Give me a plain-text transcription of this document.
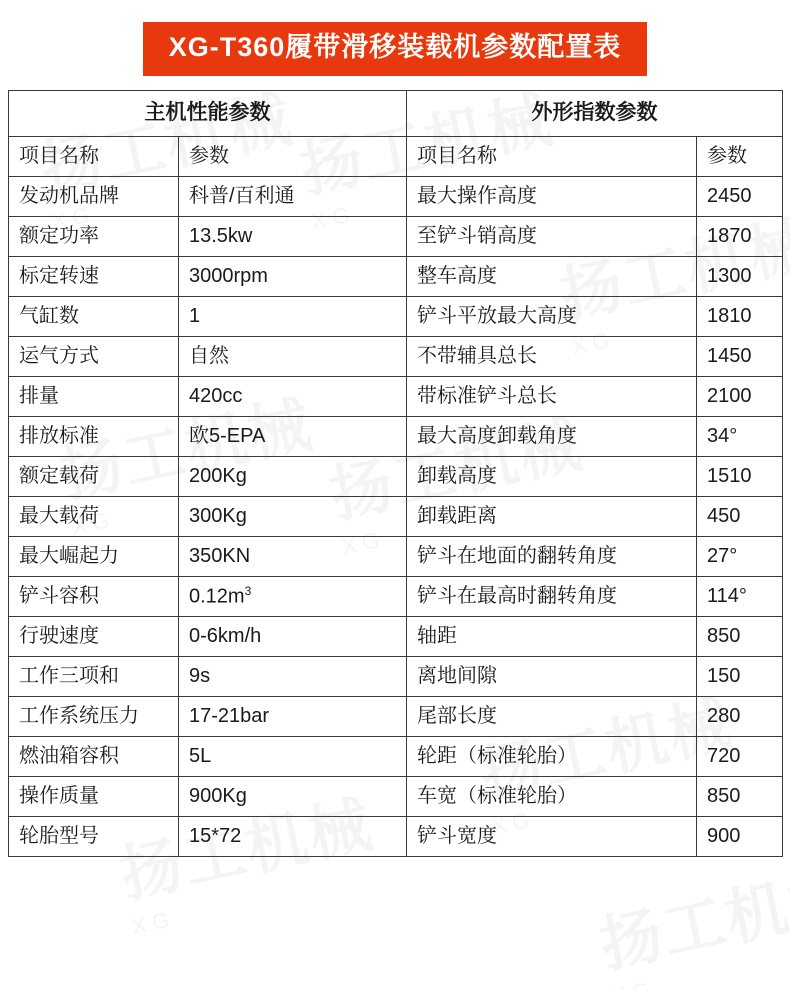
XG-T360履带滑移装载机参数配置表
主机性能参数		外形指数参数	
项目名称	参数	项目名称	参数
发动机品牌	科普/百利通	最大操作高度	2450
额定功率	13.5kw	至铲斗销高度	1870
标定转速	3000rpm	整车高度	1300
气缸数	1	铲斗平放最大高度	1810
运气方式	自然	不带辅具总长	1450
排量	420cc	带标准铲斗总长	2100
排放标准	欧5-EPA	最大高度卸载角度	34°
额定载荷	200Kg	卸载高度	1510
最大载荷	300Kg	卸载距离	450
最大崛起力	350KN	铲斗在地面的翻转角度	27°
铲斗容积	$0.12m^3$	铲斗在最高时翻转角度	114°
行驶速度	0-6km/h	轴距	850
工作三项和	9s	离地间隙	150
工作系统压力	17-21bar	尾部长度	280
燃油箱容积	5L	轮距（标准轮胎）	720
操作质量	900Kg	车宽（标准轮胎）	850
轮胎型号	15*72	铲斗宽度	900
